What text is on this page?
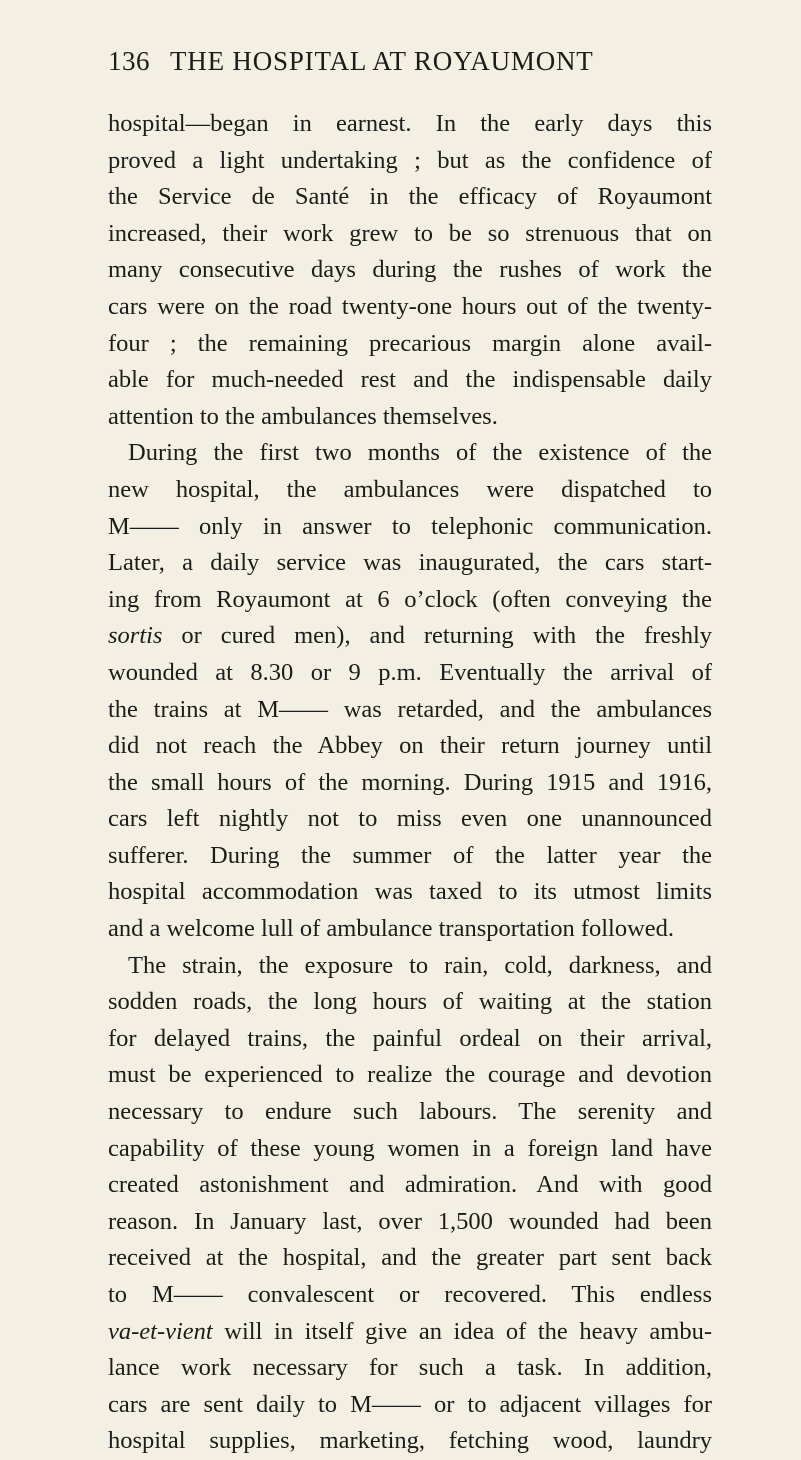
136 THE HOSPITAL AT ROYAUMONT
hospital—began in earnest. In the early days this
proved a light undertaking ; but as the confidence of
the Service de Santé in the efficacy of Royaumont
increased, their work grew to be so strenuous that on
many consecutive days during the rushes of work the
cars were on the road twenty-one hours out of the twenty-
four ; the remaining precarious margin alone avail-
able for much-needed rest and the indispensable daily
attention to the ambulances themselves.
During the first two months of the existence of the
new hospital, the ambulances were dispatched to
M—— only in answer to telephonic communication.
Later, a daily service was inaugurated, the cars start-
ing from Royaumont at 6 o’clock (often conveying the
sortis or cured men), and returning with the freshly
wounded at 8.30 or 9 p.m. Eventually the arrival of
the trains at M—— was retarded, and the ambulances
did not reach the Abbey on their return journey until
the small hours of the morning. During 1915 and 1916,
cars left nightly not to miss even one unannounced
sufferer. During the summer of the latter year the
hospital accommodation was taxed to its utmost limits
and a welcome lull of ambulance transportation followed.
The strain, the exposure to rain, cold, darkness, and
sodden roads, the long hours of waiting at the station
for delayed trains, the painful ordeal on their arrival,
must be experienced to realize the courage and devotion
necessary to endure such labours. The serenity and
capability of these young women in a foreign land have
created astonishment and admiration. And with good
reason. In January last, over 1,500 wounded had been
received at the hospital, and the greater part sent back
to M—— convalescent or recovered. This endless
va-et-vient will in itself give an idea of the heavy ambu-
lance work necessary for such a task. In addition,
cars are sent daily to M—— or to adjacent villages for
hospital supplies, marketing, fetching wood, laundry
